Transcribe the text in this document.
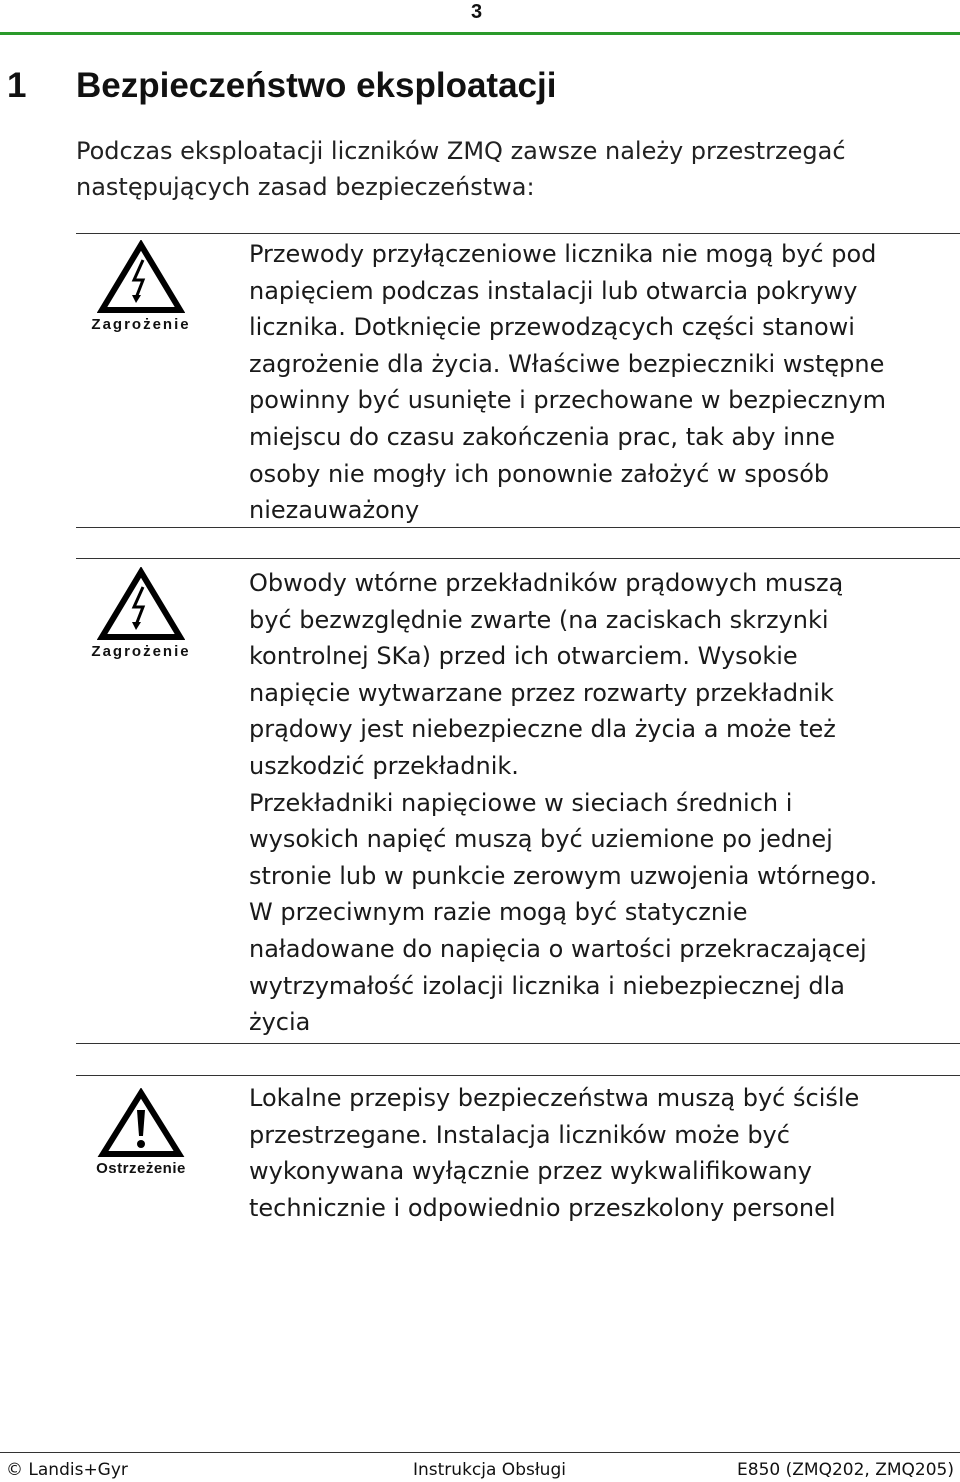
3
1 Bezpieczeństwo eksploatacji
Podczas eksploatacji liczników ZMQ zawsze należy przestrzegać
następujących zasad bezpieczeństwa:
Zagrożenie
Przewody przyłączeniowe licznika nie mogą być pod
napięciem podczas instalacji lub otwarcia pokrywy
licznika. Dotknięcie przewodzących części stanowi
zagrożenie dla życia. Właściwe bezpieczniki wstępne
powinny być usunięte i przechowane w bezpiecznym
miejscu do czasu zakończenia prac, tak aby inne
osoby nie mogły ich ponownie założyć w sposób
niezauważony
Zagrożenie
Obwody wtórne przekładników prądowych muszą
być bezwzględnie zwarte (na zaciskach skrzynki
kontrolnej SKa) przed ich otwarciem. Wysokie
napięcie wytwarzane przez rozwarty przekładnik
prądowy jest niebezpieczne dla życia a może też
uszkodzić przekładnik.
Przekładniki napięciowe w sieciach średnich i
wysokich napięć muszą być uziemione po jednej
stronie lub w punkcie zerowym uzwojenia wtórnego.
W przeciwnym razie mogą być statycznie
naładowane do napięcia o wartości przekraczającej
wytrzymałość izolacji licznika i niebezpiecznej dla
życia
Ostrzeżenie
Lokalne przepisy bezpieczeństwa muszą być ściśle
przestrzegane. Instalacja liczników może być
wykonywana wyłącznie przez wykwalifikowany
technicznie i odpowiednio przeszkolony personel
© Landis+Gyr	Instrukcja Obsługi	E850 (ZMQ202, ZMQ205)
